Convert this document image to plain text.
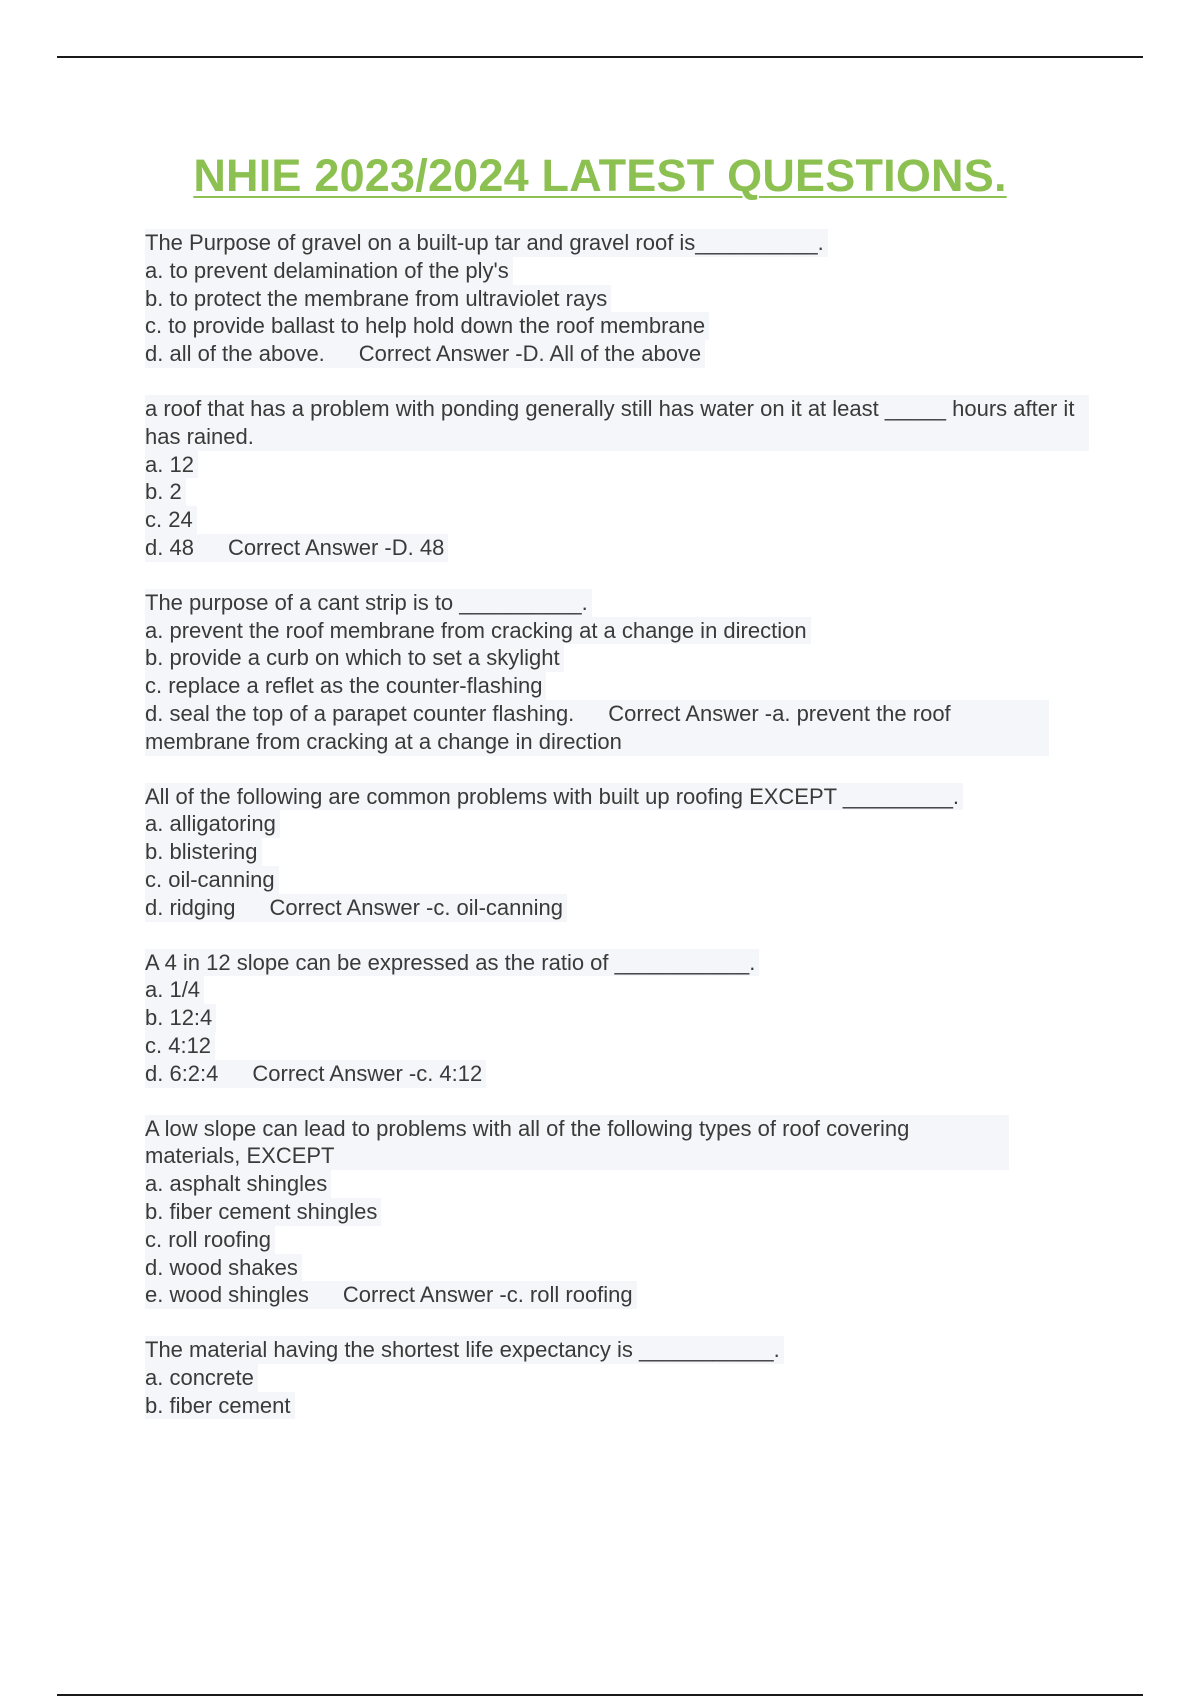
NHIE 2023/2024 LATEST QUESTIONS.
The Purpose of gravel on a built-up tar and gravel roof is__________.
a. to prevent delamination of the ply's
b. to protect the membrane from ultraviolet rays
c. to provide ballast to help hold down the roof membrane
d. all of the above. Correct Answer -D. All of the above
a roof that has a problem with ponding generally still has water on it at least _____ hours after it has rained.
a. 12
b. 2
c. 24
d. 48 Correct Answer -D. 48
The purpose of a cant strip is to __________.
a. prevent the roof membrane from cracking at a change in direction
b. provide a curb on which to set a skylight
c. replace a reflet as the counter-flashing
d. seal the top of a parapet counter flashing. Correct Answer -a. prevent the roof membrane from cracking at a change in direction
All of the following are common problems with built up roofing EXCEPT _________.
a. alligatoring
b. blistering
c. oil-canning
d. ridging Correct Answer -c. oil-canning
A 4 in 12 slope can be expressed as the ratio of ___________.
a. 1/4
b. 12:4
c. 4:12
d. 6:2:4 Correct Answer -c. 4:12
A low slope can lead to problems with all of the following types of roof covering materials, EXCEPT
a. asphalt shingles
b. fiber cement shingles
c. roll roofing
d. wood shakes
e. wood shingles Correct Answer -c. roll roofing
The material having the shortest life expectancy is ___________.
a. concrete
b. fiber cement
